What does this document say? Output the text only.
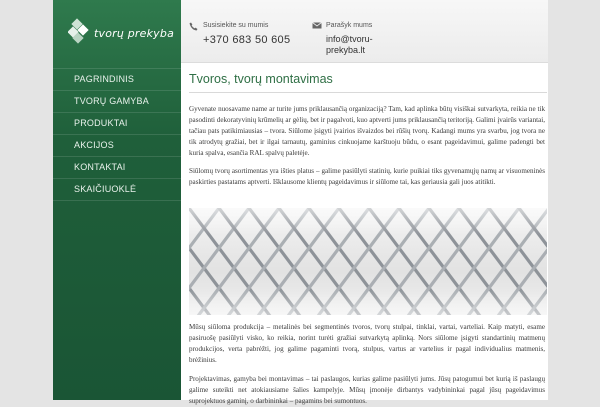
tvorų prekyba
Susisiekite su mumis
+370 683 50 605
Parašyk mums
info@tvoru-prekyba.lt
PAGRINDINIS
TVORŲ GAMYBA
PRODUKTAI
AKCIJOS
KONTAKTAI
SKAIČIUOKLĖ
Tvoros, tvorų montavimas

Gyvenate nuosavame name ar turite jums priklausančią organizaciją? Tam, kad aplinka būtų visiškai sutvarkyta, reikia ne tik pasodinti dekoratyvinių krūmelių ar gėlių, bet ir pagalvoti, kuo aptverti jums priklausančią teritoriją. Galimi įvairūs variantai, tačiau pats patikimiausias – tvora. Siūlome įsigyti įvairios išvaizdos bei rūšių tvorų. Kadangi mums yra svarbu, jog tvora ne tik atrodytų gražiai, bet ir ilgai tarnautų, gaminius cinkuojame karštuoju būdu, o esant pageidavimui, galime padengti bet kuria spalva, esančia RAL spalvų paletėje.

Siūlomų tvorų asortimentas yra išties platus – galime pasiūlyti statinių, kurie puikiai tiks gyvenamųjų namų ar visuomeninės paskirties pastatams aptverti. Išklausome klientų pageidavimus ir siūlome tai, kas geriausia gali juos atitikti.

Mūsų siūloma produkcija – metalinės bei segmentinės tvoros, tvorų stulpai, tinklai, vartai, varteliai. Kaip matyti, esame pasiruošę pasiūlyti visko, ko reikia, norint turėti gražiai sutvarkytą aplinką. Nors siūlome įsigyti standartinių matmenų produkcijos, verta pabrėžti, jog galime pagaminti tvorą, stulpus, vartus ar vartelius ir pagal individualius matmenis, brėžinius.

Projektavimas, gamyba bei montavimas – tai paslaugos, kurias galime pasiūlyti jums. Jūsų patogumui bet kurią iš paslaugų galime suteikti net atokiausiame šalies kampelyje. Mūsų įmonėje dirbantys vadybininkai pagal jūsų pageidavimus suprojektuos gaminį, o darbininkai – pagamins bei sumontuos.
